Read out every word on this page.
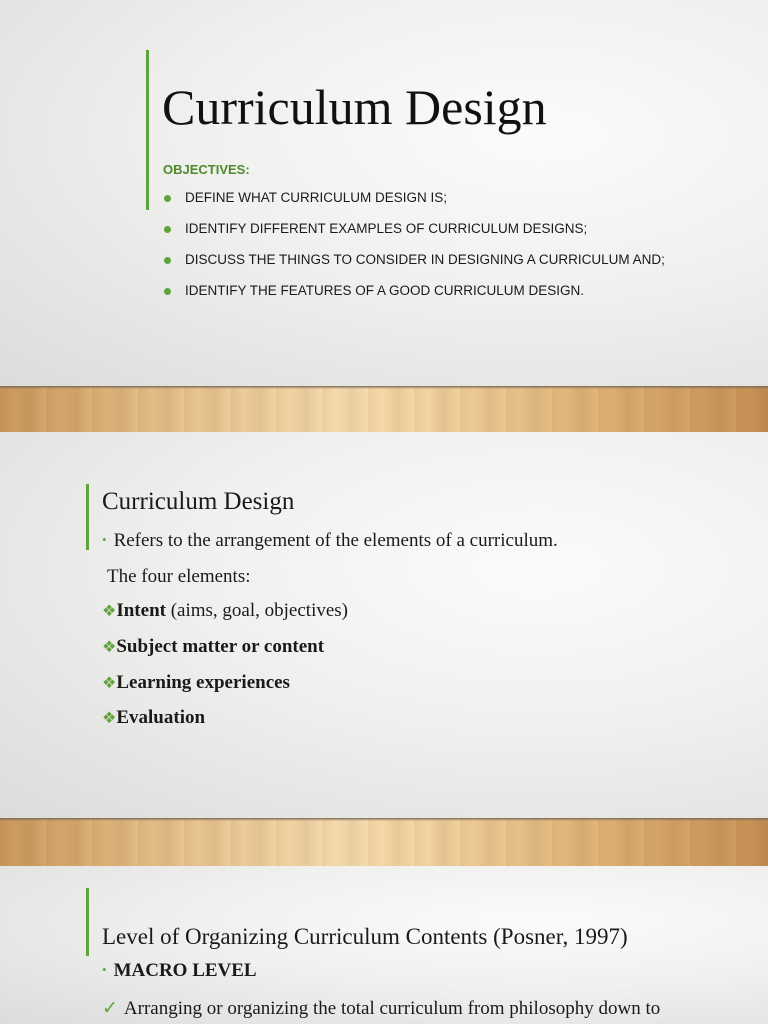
Curriculum Design
OBJECTIVES:
DEFINE WHAT CURRICULUM DESIGN IS;
IDENTIFY DIFFERENT EXAMPLES OF CURRICULUM DESIGNS;
DISCUSS THE THINGS TO CONSIDER IN DESIGNING A CURRICULUM AND;
IDENTIFY THE FEATURES OF A GOOD CURRICULUM DESIGN.
Curriculum Design
• Refers to the arrangement of the elements of a curriculum.
The four elements:
❖Intent (aims, goal, objectives)
❖Subject matter or content
❖Learning experiences
❖Evaluation
Level of Organizing Curriculum Contents (Posner, 1997)
• MACRO LEVEL
✓ Arranging or organizing the total curriculum from philosophy down to
